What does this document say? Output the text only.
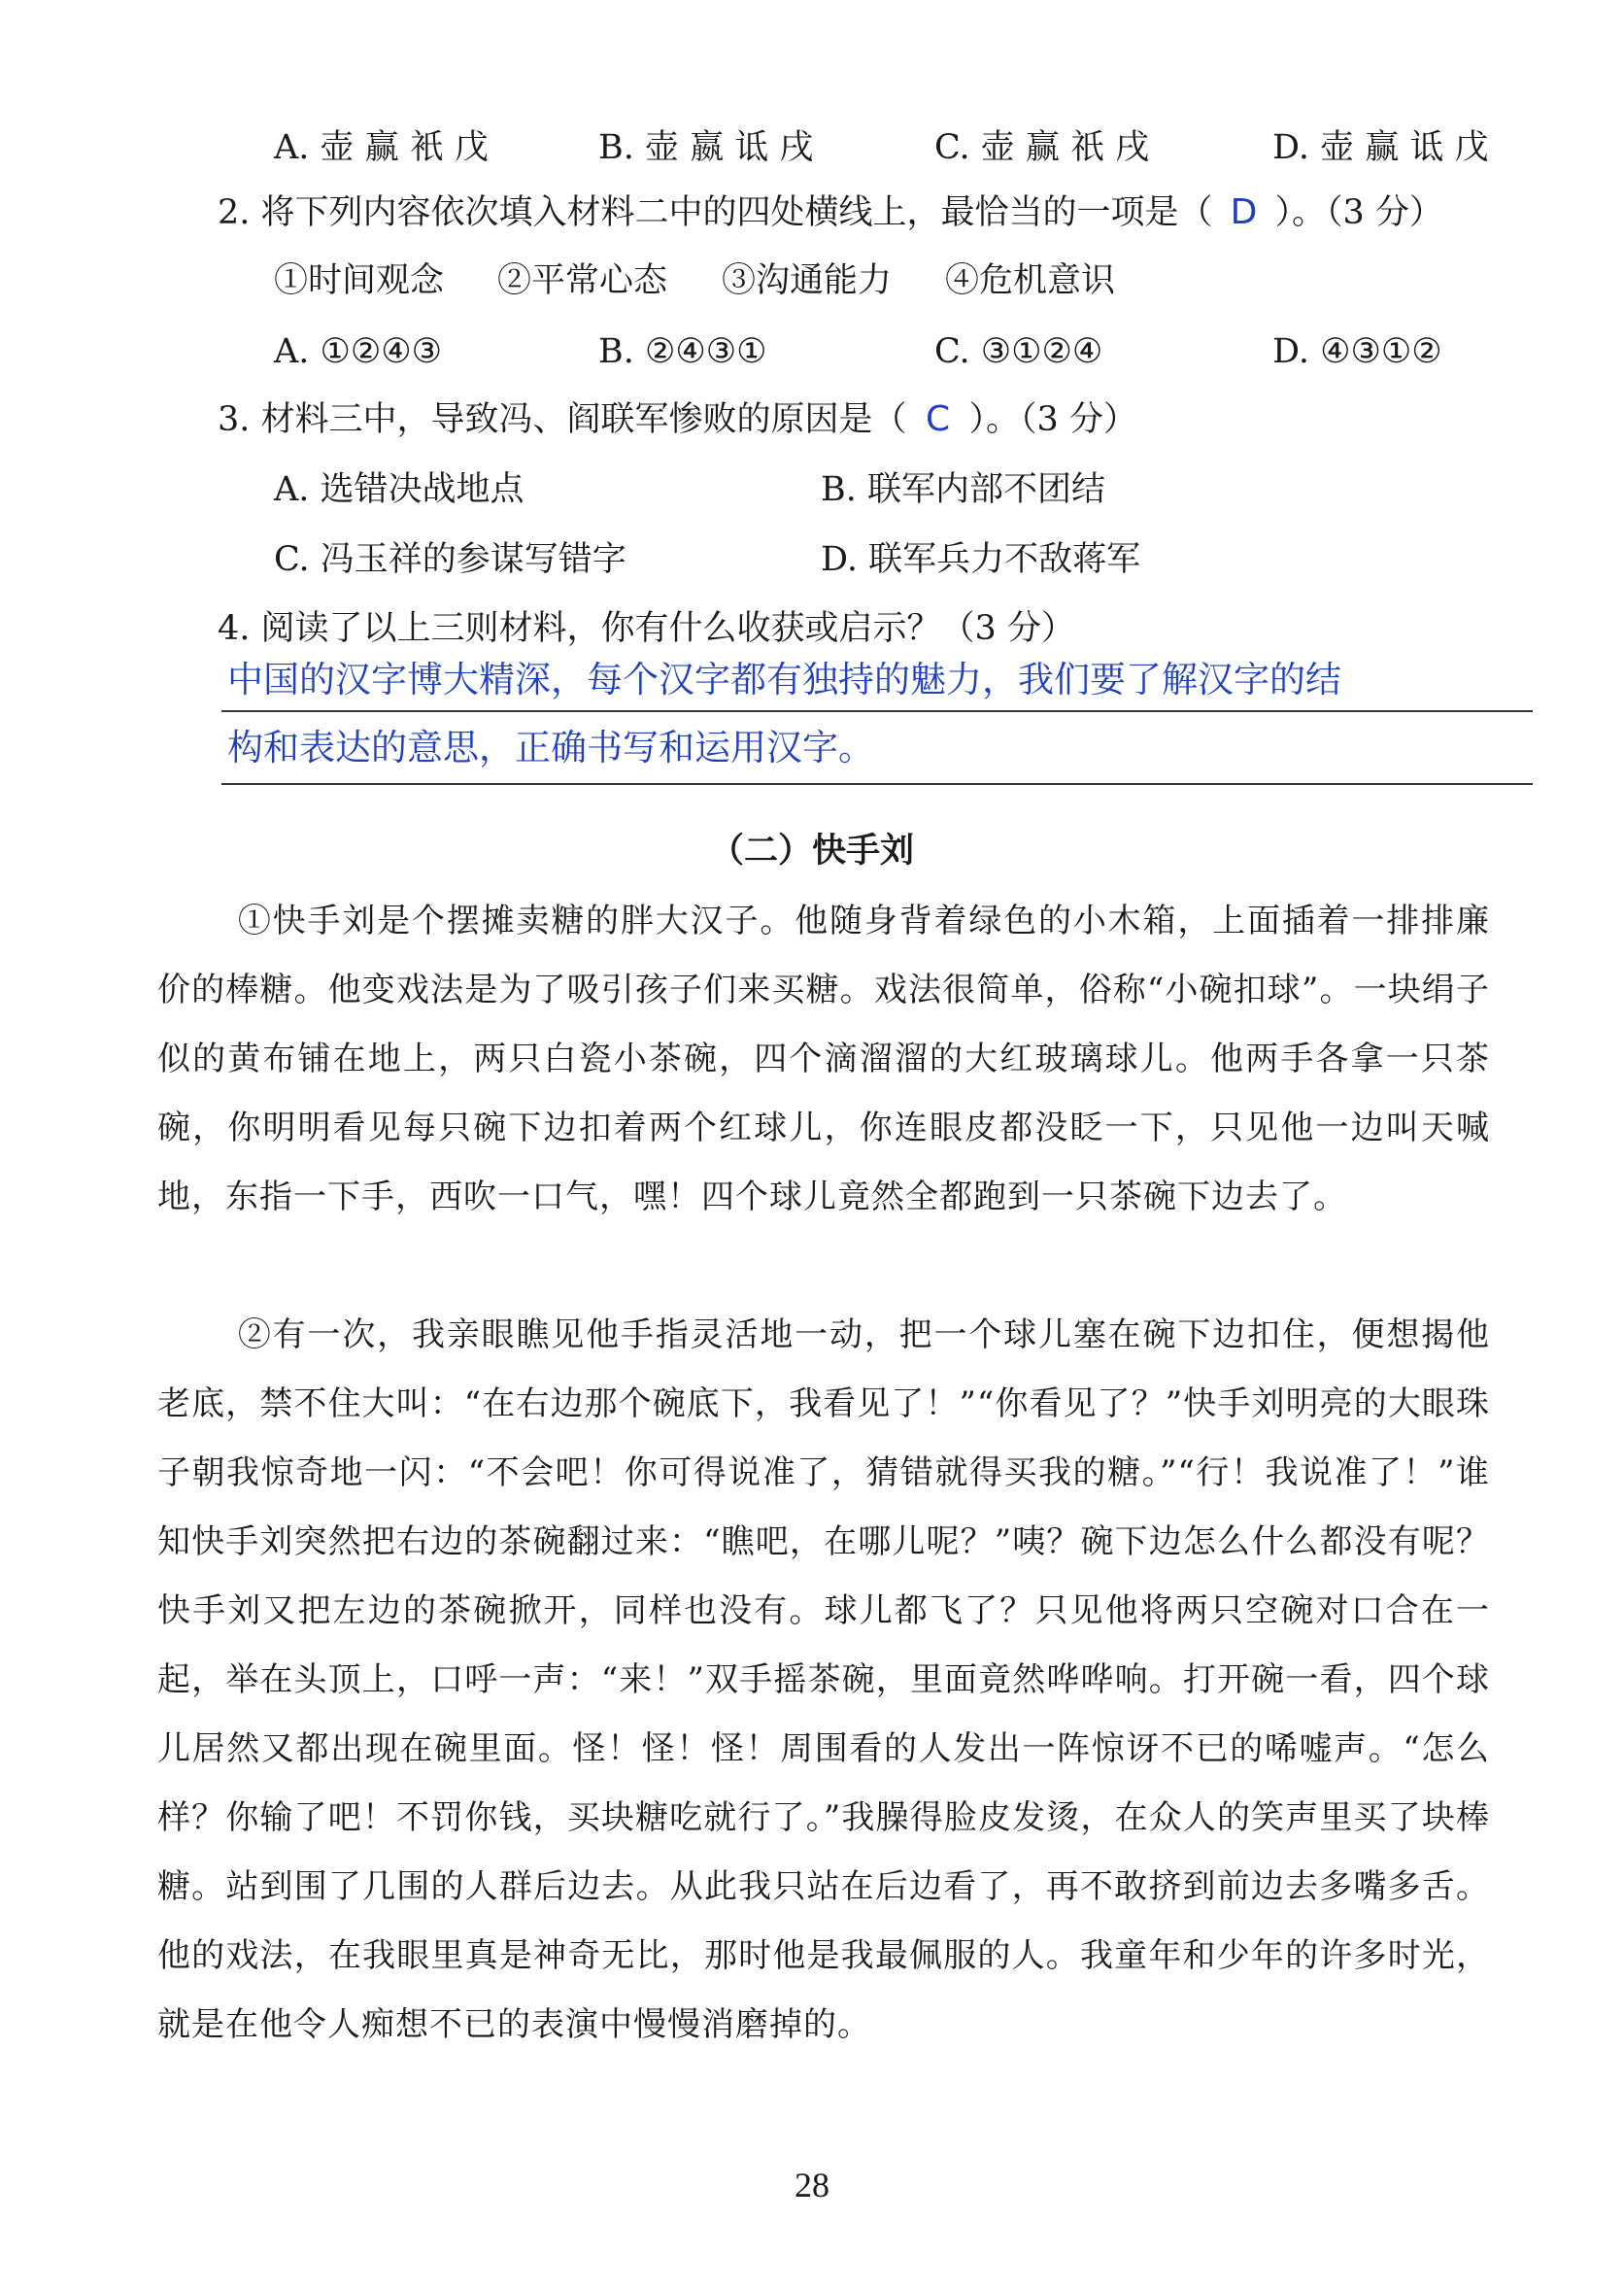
A. 壶 赢 衹 戊	B. 壶 嬴 诋 戌	C. 壶 赢 祇 戌	D. 壶 赢 诋 戊
2. 将下列内容依次填入材料二中的四处横线上，最恰当的一项是（ D ）。（3 分）
①时间观念 ②平常心态 ③沟通能力 ④危机意识
A. ①②④③	B. ②④③①	C. ③①②④	D. ④③①②
3. 材料三中，导致冯、阎联军惨败的原因是（ C ）。（3 分）
A. 选错决战地点	B. 联军内部不团结
C. 冯玉祥的参谋写错字	D. 联军兵力不敌蒋军
4. 阅读了以上三则材料，你有什么收获或启示？（3 分）
中国的汉字博大精深，每个汉字都有独持的魅力，我们要了解汉字的结
构和表达的意思，正确书写和运用汉字。
（二）快手刘
①快手刘是个摆摊卖糖的胖大汉子。他随身背着绿色的小木箱，上面插着一排排廉价的棒糖。他变戏法是为了吸引孩子们来买糖。戏法很简单，俗称“小碗扣球”。一块绢子似的黄布铺在地上，两只白瓷小茶碗，四个滴溜溜的大红玻璃球儿。他两手各拿一只茶碗，你明明看见每只碗下边扣着两个红球儿，你连眼皮都没眨一下，只见他一边叫天喊地，东指一下手，西吹一口气，嘿！四个球儿竟然全都跑到一只茶碗下边去了。
②有一次，我亲眼瞧见他手指灵活地一动，把一个球儿塞在碗下边扣住，便想揭他老底，禁不住大叫：“在右边那个碗底下，我看见了！”“你看见了？”快手刘明亮的大眼珠子朝我惊奇地一闪：“不会吧！你可得说准了，猜错就得买我的糖。”“行！我说准了！”谁知快手刘突然把右边的茶碗翻过来：“瞧吧，在哪儿呢？”咦？碗下边怎么什么都没有呢？快手刘又把左边的茶碗掀开，同样也没有。球儿都飞了？只见他将两只空碗对口合在一起，举在头顶上，口呼一声：“来！”双手摇茶碗，里面竟然哗哗响。打开碗一看，四个球儿居然又都出现在碗里面。怪！怪！怪！周围看的人发出一阵惊讶不已的唏嘘声。“怎么样？你输了吧！不罚你钱，买块糖吃就行了。”我臊得脸皮发烫，在众人的笑声里买了块棒糖。站到围了几围的人群后边去。从此我只站在后边看了，再不敢挤到前边去多嘴多舌。他的戏法，在我眼里真是神奇无比，那时他是我最佩服的人。我童年和少年的许多时光，就是在他令人痴想不已的表演中慢慢消磨掉的。
28
